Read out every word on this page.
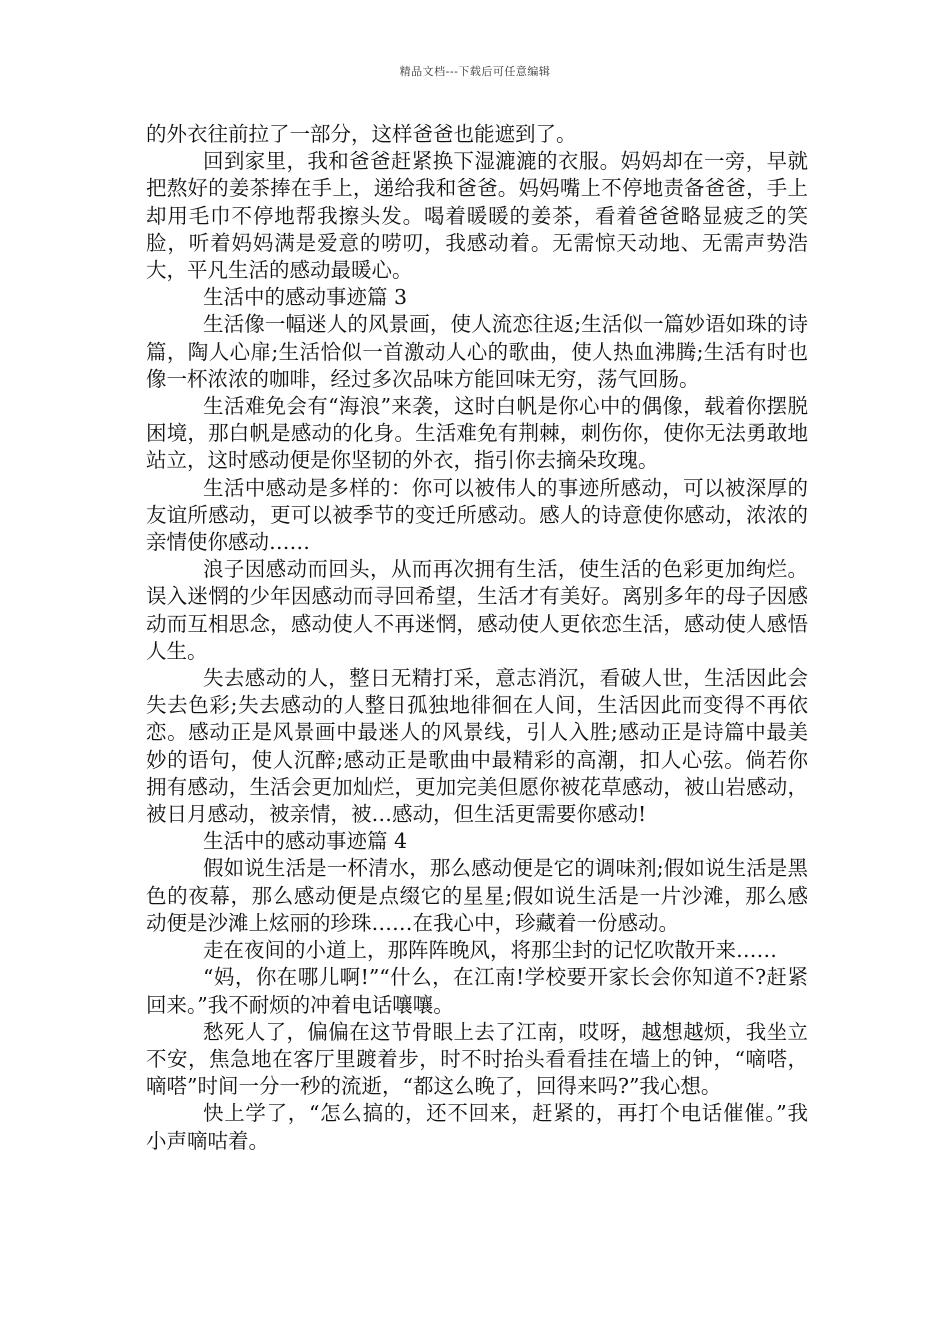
精品文档---下载后可任意编辑

的外衣往前拉了一部分，这样爸爸也能遮到了。

回到家里，我和爸爸赶紧换下湿漉漉的衣服。妈妈却在一旁，早就把熬好的姜茶捧在手上，递给我和爸爸。妈妈嘴上不停地责备爸爸，手上却用毛巾不停地帮我擦头发。喝着暖暖的姜茶，看着爸爸略显疲乏的笑脸，听着妈妈满是爱意的唠叨，我感动着。无需惊天动地、无需声势浩大，平凡生活的感动最暖心。

生活中的感动事迹篇 3

生活像一幅迷人的风景画，使人流恋往返;生活似一篇妙语如珠的诗篇，陶人心扉;生活恰似一首激动人心的歌曲，使人热血沸腾;生活有时也像一杯浓浓的咖啡，经过多次品味方能回味无穷，荡气回肠。

生活难免会有“海浪”来袭，这时白帆是你心中的偶像，载着你摆脱困境，那白帆是感动的化身。生活难免有荆棘，刺伤你，使你无法勇敢地站立，这时感动便是你坚韧的外衣，指引你去摘朵玫瑰。

生活中感动是多样的：你可以被伟人的事迹所感动，可以被深厚的友谊所感动，更可以被季节的变迁所感动。感人的诗意使你感动，浓浓的亲情使你感动……

浪子因感动而回头，从而再次拥有生活，使生活的色彩更加绚烂。误入迷惘的少年因感动而寻回希望，生活才有美好。离别多年的母子因感动而互相思念，感动使人不再迷惘，感动使人更依恋生活，感动使人感悟人生。

失去感动的人，整日无精打采，意志消沉，看破人世，生活因此会失去色彩;失去感动的人整日孤独地徘徊在人间，生活因此而变得不再依恋。感动正是风景画中最迷人的风景线，引人入胜;感动正是诗篇中最美妙的语句，使人沉醉;感动正是歌曲中最精彩的高潮，扣人心弦。倘若你拥有感动，生活会更加灿烂，更加完美但愿你被花草感动，被山岩感动，被日月感动，被亲情，被…感动，但生活更需要你感动!

生活中的感动事迹篇 4

假如说生活是一杯清水，那么感动便是它的调味剂;假如说生活是黑色的夜幕，那么感动便是点缀它的星星;假如说生活是一片沙滩，那么感动便是沙滩上炫丽的珍珠……在我心中，珍藏着一份感动。

走在夜间的小道上，那阵阵晚风，将那尘封的记忆吹散开来……

“妈，你在哪儿啊!”“什么，在江南!学校要开家长会你知道不?赶紧回来。”我不耐烦的冲着电话嚷嚷。

愁死人了，偏偏在这节骨眼上去了江南，哎呀，越想越烦，我坐立不安，焦急地在客厅里踱着步，时不时抬头看看挂在墙上的钟，“嘀嗒，嘀嗒”时间一分一秒的流逝，“都这么晚了，回得来吗?”我心想。

快上学了，“怎么搞的，还不回来，赶紧的，再打个电话催催。”我小声嘀咕着。
